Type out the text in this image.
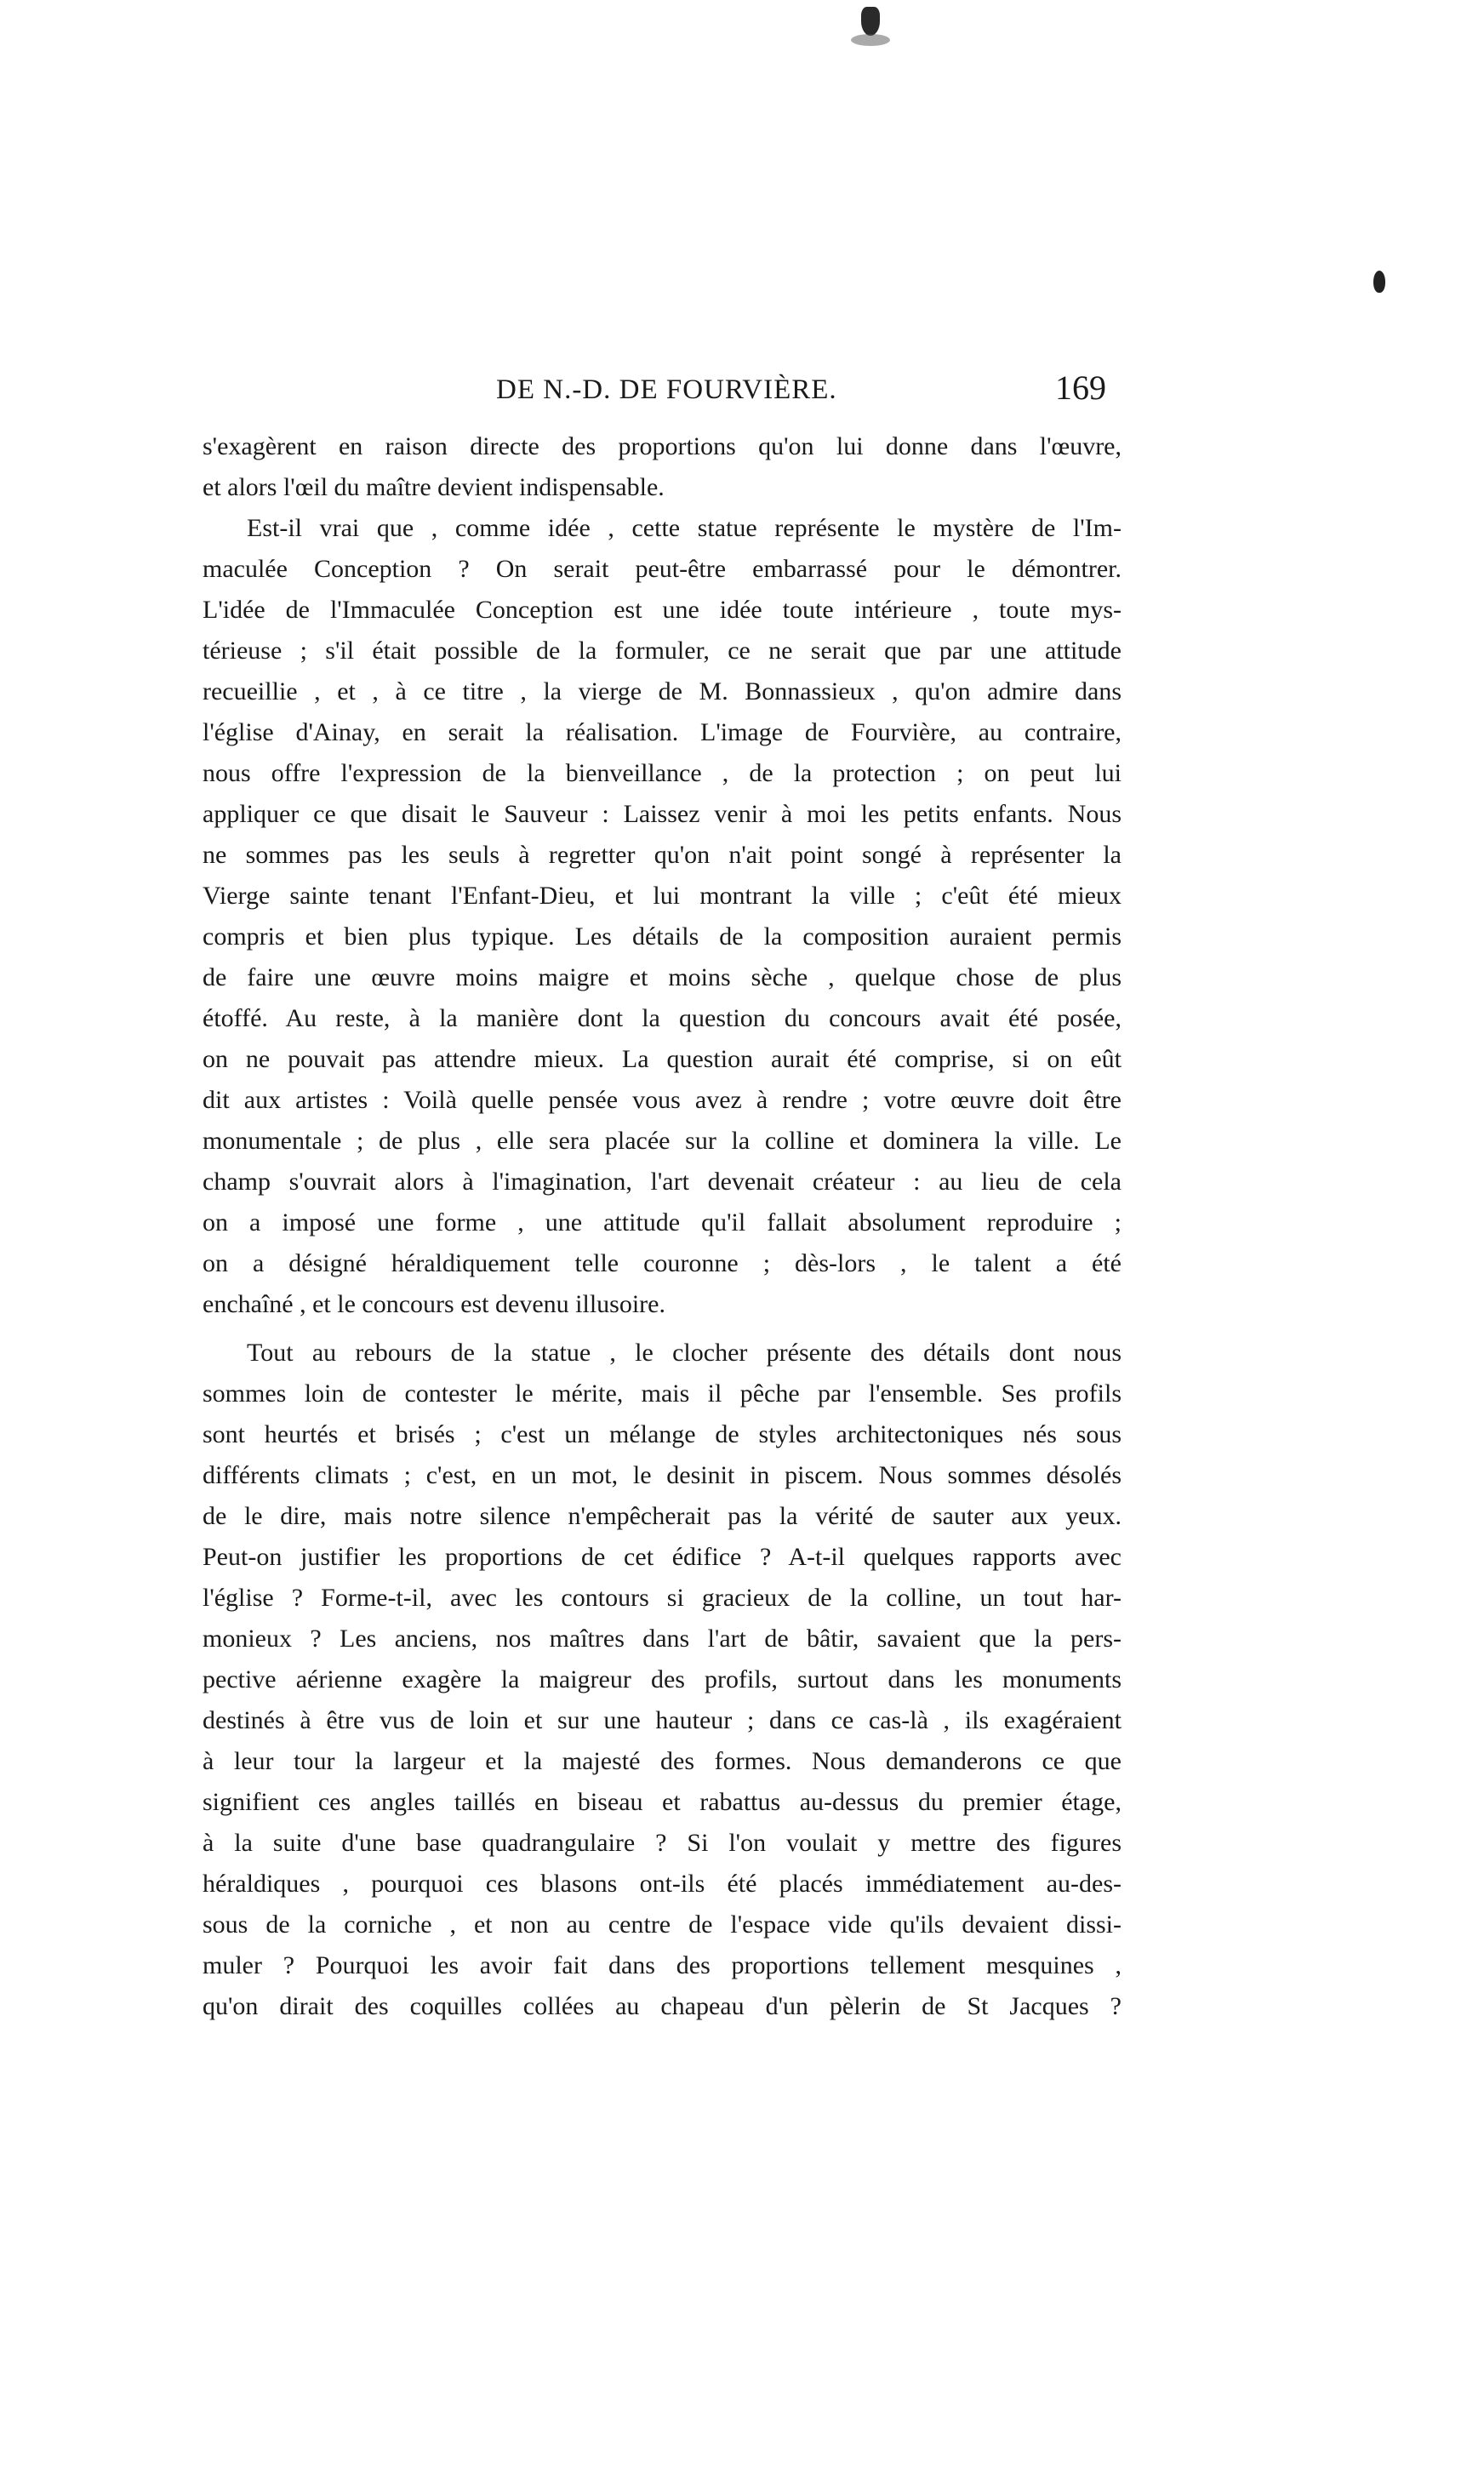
DE N.-D. DE FOURVIÈRE.	169
s'exagèrent en raison directe des proportions qu'on lui donne dans l'œuvre,
et alors l'œil du maître devient indispensable.
Est-il vrai que , comme idée , cette statue représente le mystère de l'Im-
maculée Conception ? On serait peut-être embarrassé pour le démontrer.
L'idée de l'Immaculée Conception est une idée toute intérieure , toute mys-
térieuse ; s'il était possible de la formuler, ce ne serait que par une attitude
recueillie , et , à ce titre , la vierge de M. Bonnassieux , qu'on admire dans
l'église d'Ainay, en serait la réalisation. L'image de Fourvière, au contraire,
nous offre l'expression de la bienveillance , de la protection ; on peut lui
appliquer ce que disait le Sauveur : Laissez venir à moi les petits enfants. Nous
ne sommes pas les seuls à regretter qu'on n'ait point songé à représenter la
Vierge sainte tenant l'Enfant-Dieu, et lui montrant la ville ; c'eût été mieux
compris et bien plus typique. Les détails de la composition auraient permis
de faire une œuvre moins maigre et moins sèche , quelque chose de plus
étoffé. Au reste, à la manière dont la question du concours avait été posée,
on ne pouvait pas attendre mieux. La question aurait été comprise, si on eût
dit aux artistes : Voilà quelle pensée vous avez à rendre ; votre œuvre doit être
monumentale ; de plus , elle sera placée sur la colline et dominera la ville. Le
champ s'ouvrait alors à l'imagination, l'art devenait créateur : au lieu de cela
on a imposé une forme , une attitude qu'il fallait absolument reproduire ;
on a désigné héraldiquement telle couronne ; dès-lors , le talent a été
enchaîné , et le concours est devenu illusoire.
Tout au rebours de la statue , le clocher présente des détails dont nous
sommes loin de contester le mérite, mais il pêche par l'ensemble. Ses profils
sont heurtés et brisés ; c'est un mélange de styles architectoniques nés sous
différents climats ; c'est, en un mot, le desinit in piscem. Nous sommes désolés
de le dire, mais notre silence n'empêcherait pas la vérité de sauter aux yeux.
Peut-on justifier les proportions de cet édifice ? A-t-il quelques rapports avec
l'église ? Forme-t-il, avec les contours si gracieux de la colline, un tout har-
monieux ? Les anciens, nos maîtres dans l'art de bâtir, savaient que la pers-
pective aérienne exagère la maigreur des profils, surtout dans les monuments
destinés à être vus de loin et sur une hauteur ; dans ce cas-là , ils exagéraient
à leur tour la largeur et la majesté des formes. Nous demanderons ce que
signifient ces angles taillés en biseau et rabattus au-dessus du premier étage,
à la suite d'une base quadrangulaire ? Si l'on voulait y mettre des figures
héraldiques , pourquoi ces blasons ont-ils été placés immédiatement au-des-
sous de la corniche , et non au centre de l'espace vide qu'ils devaient dissi-
muler ? Pourquoi les avoir fait dans des proportions tellement mesquines ,
qu'on dirait des coquilles collées au chapeau d'un pèlerin de St Jacques ?
